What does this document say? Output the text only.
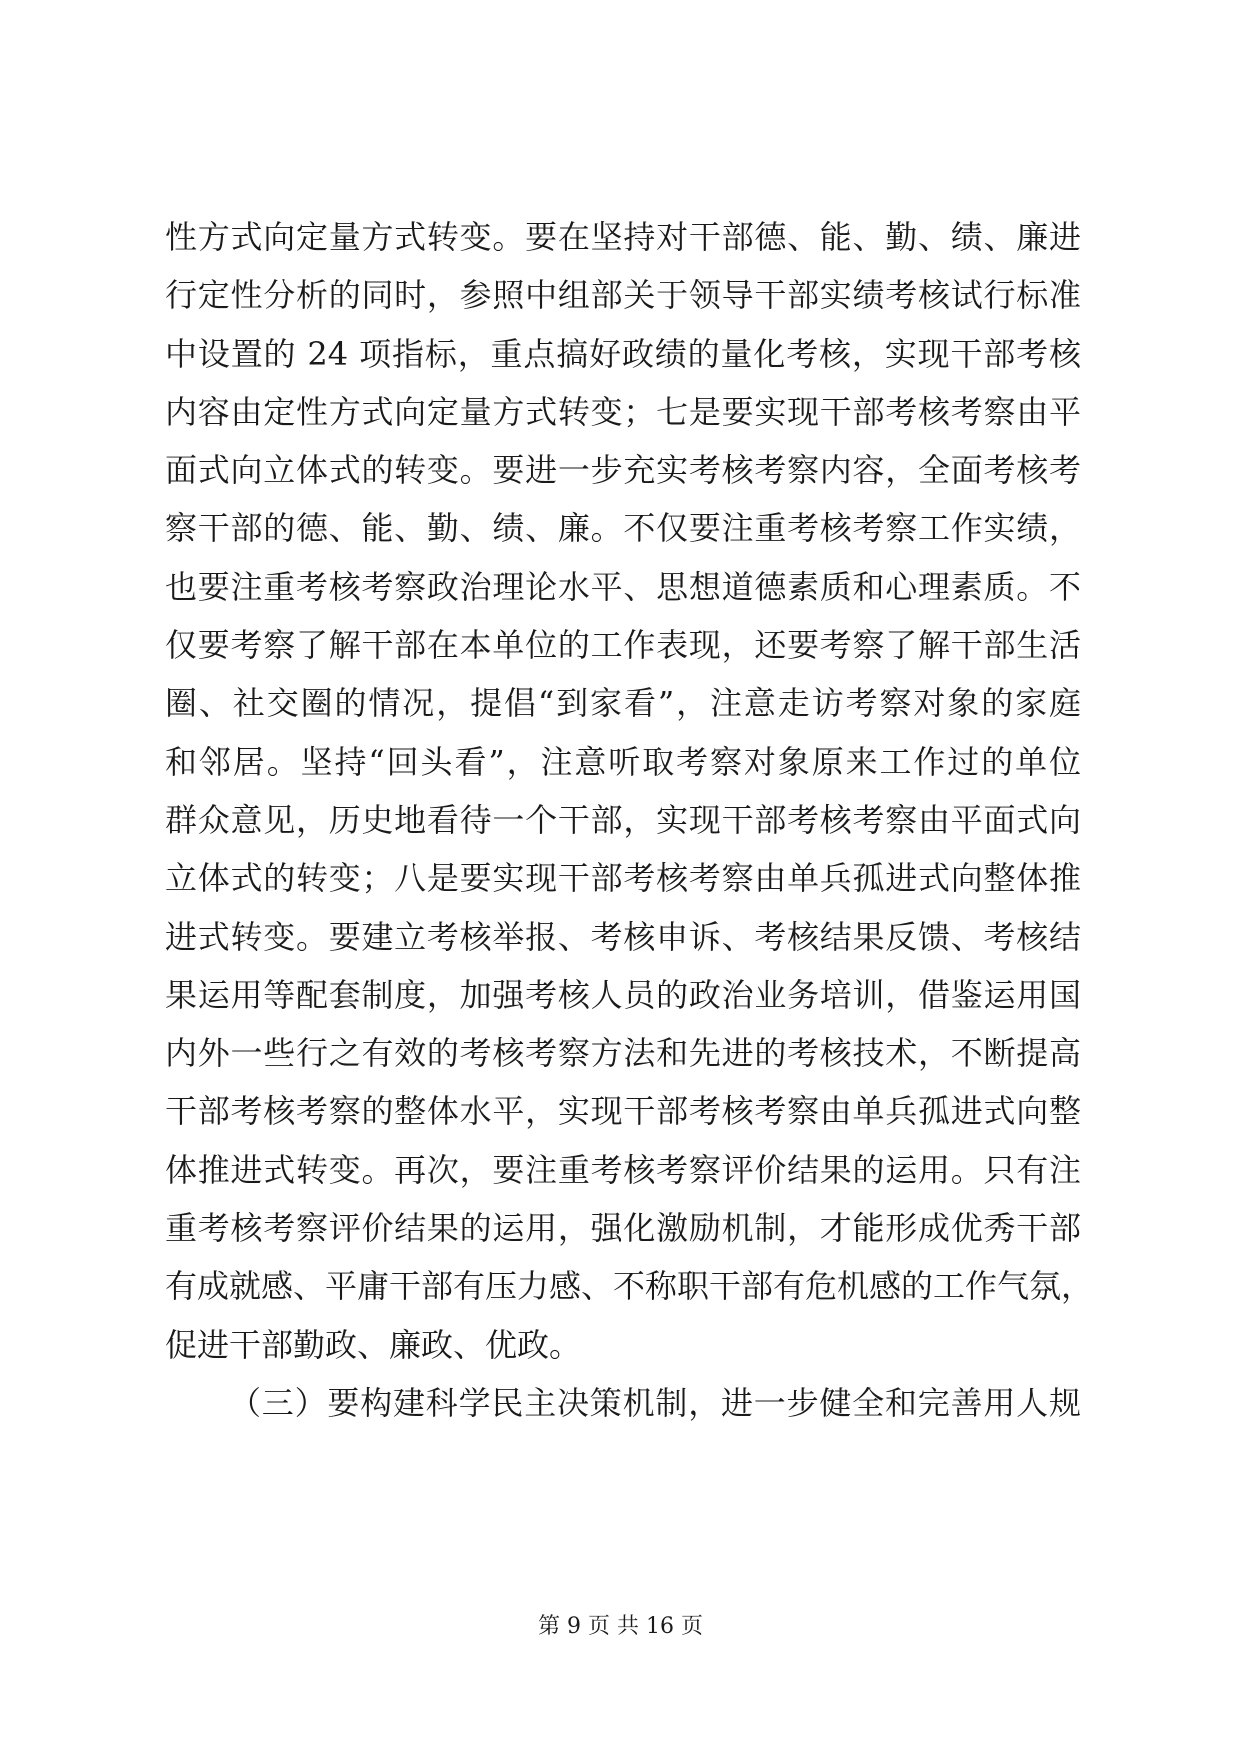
性方式向定量方式转变。要在坚持对干部德、能、勤、绩、廉进
行定性分析的同时，参照中组部关于领导干部实绩考核试行标准
中设置的 24 项指标，重点搞好政绩的量化考核，实现干部考核
内容由定性方式向定量方式转变；七是要实现干部考核考察由平
面式向立体式的转变。要进一步充实考核考察内容，全面考核考
察干部的德、能、勤、绩、廉。不仅要注重考核考察工作实绩，
也要注重考核考察政治理论水平、思想道德素质和心理素质。不
仅要考察了解干部在本单位的工作表现，还要考察了解干部生活
圈、社交圈的情况，提倡“到家看”，注意走访考察对象的家庭
和邻居。坚持“回头看”，注意听取考察对象原来工作过的单位
群众意见，历史地看待一个干部，实现干部考核考察由平面式向
立体式的转变；八是要实现干部考核考察由单兵孤进式向整体推
进式转变。要建立考核举报、考核申诉、考核结果反馈、考核结
果运用等配套制度，加强考核人员的政治业务培训，借鉴运用国
内外一些行之有效的考核考察方法和先进的考核技术，不断提高
干部考核考察的整体水平，实现干部考核考察由单兵孤进式向整
体推进式转变。再次，要注重考核考察评价结果的运用。只有注
重考核考察评价结果的运用，强化激励机制，才能形成优秀干部
有成就感、平庸干部有压力感、不称职干部有危机感的工作气氛，
促进干部勤政、廉政、优政。
（三）要构建科学民主决策机制，进一步健全和完善用人规
第 9 页 共 16 页
